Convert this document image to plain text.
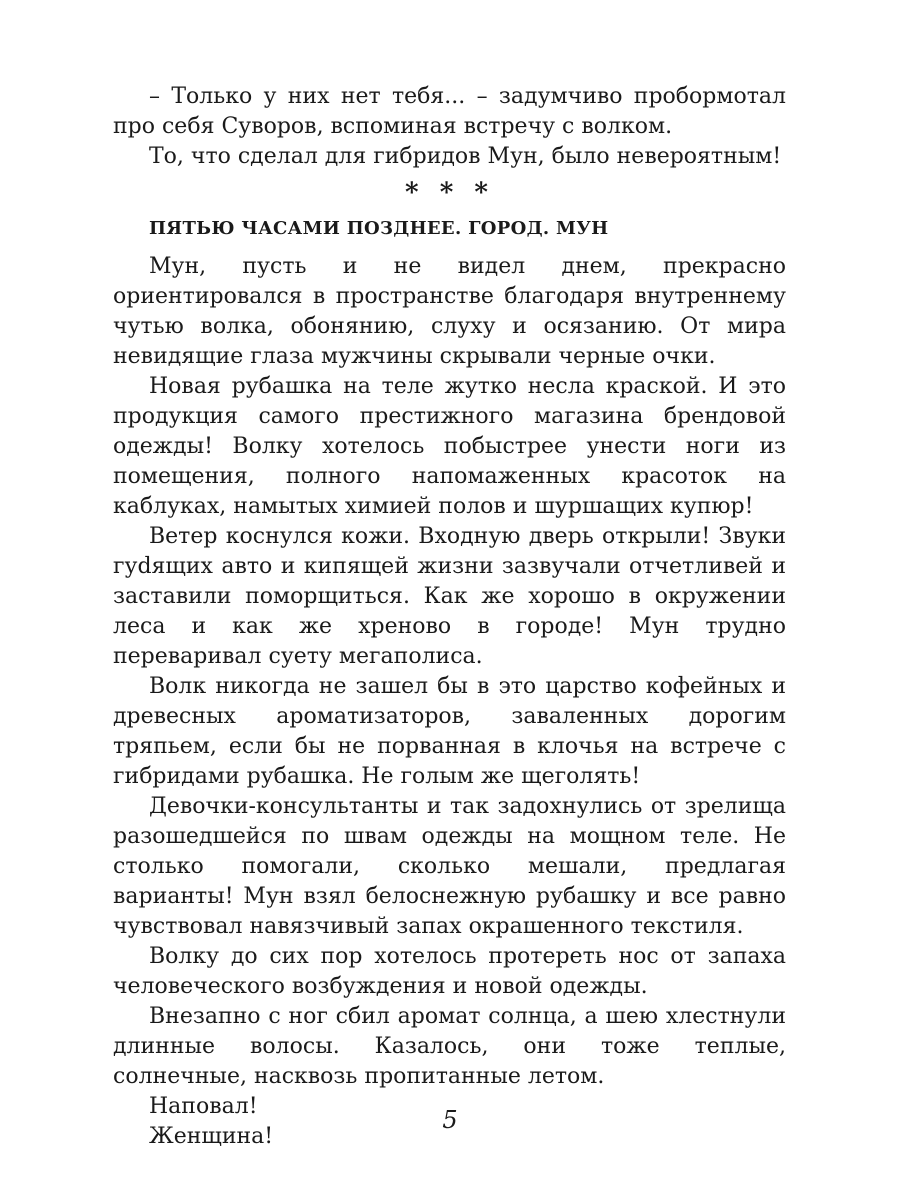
– Только у них нет тебя... – задумчиво пробормотал про себя Суворов, вспоминая встречу с волком.

То, что сделал для гибридов Мун, было невероятным!

* * *
ПЯТЬЮ ЧАСАМИ ПОЗДНЕЕ. ГОРОД. МУН

Мун, пусть и не видел днем, прекрасно ориентировался в пространстве благодаря внутреннему чутью волка, обонянию, слуху и осязанию. От мира невидящие глаза мужчины скрывали черные очки.

Новая рубашка на теле жутко несла краской. И это продукция самого престижного магазина брендовой одежды! Волку хотелось побыстрее унести ноги из помещения, полного напомаженных красоток на каблуках, намытых химией полов и шуршащих купюр!

Ветер коснулся кожи. Входную дверь открыли! Звуки гуdящих авто и кипящей жизни зазвучали отчетливей и заставили поморщиться. Как же хорошо в окружении леса и как же хреново в городе! Мун трудно переваривал суету мегаполиса.

Волк никогда не зашел бы в это царство кофейных и древесных ароматизаторов, заваленных дорогим тряпьем, если бы не порванная в клочья на встрече с гибридами рубашка. Не голым же щеголять!

Девочки-консультанты и так задохнулись от зрелища разошедшейся по швам одежды на мощном теле. Не столько помогали, сколько мешали, предлагая варианты! Мун взял белоснежную рубашку и все равно чувствовал навязчивый запах окрашенного текстиля.

Волку до сих пор хотелось протереть нос от запаха человеческого возбуждения и новой одежды.

Внезапно с ног сбил аромат солнца, а шею хлестнули длинные волосы. Казалось, они тоже теплые, солнечные, насквозь пропитанные летом.

Наповал!

Женщина!

5
